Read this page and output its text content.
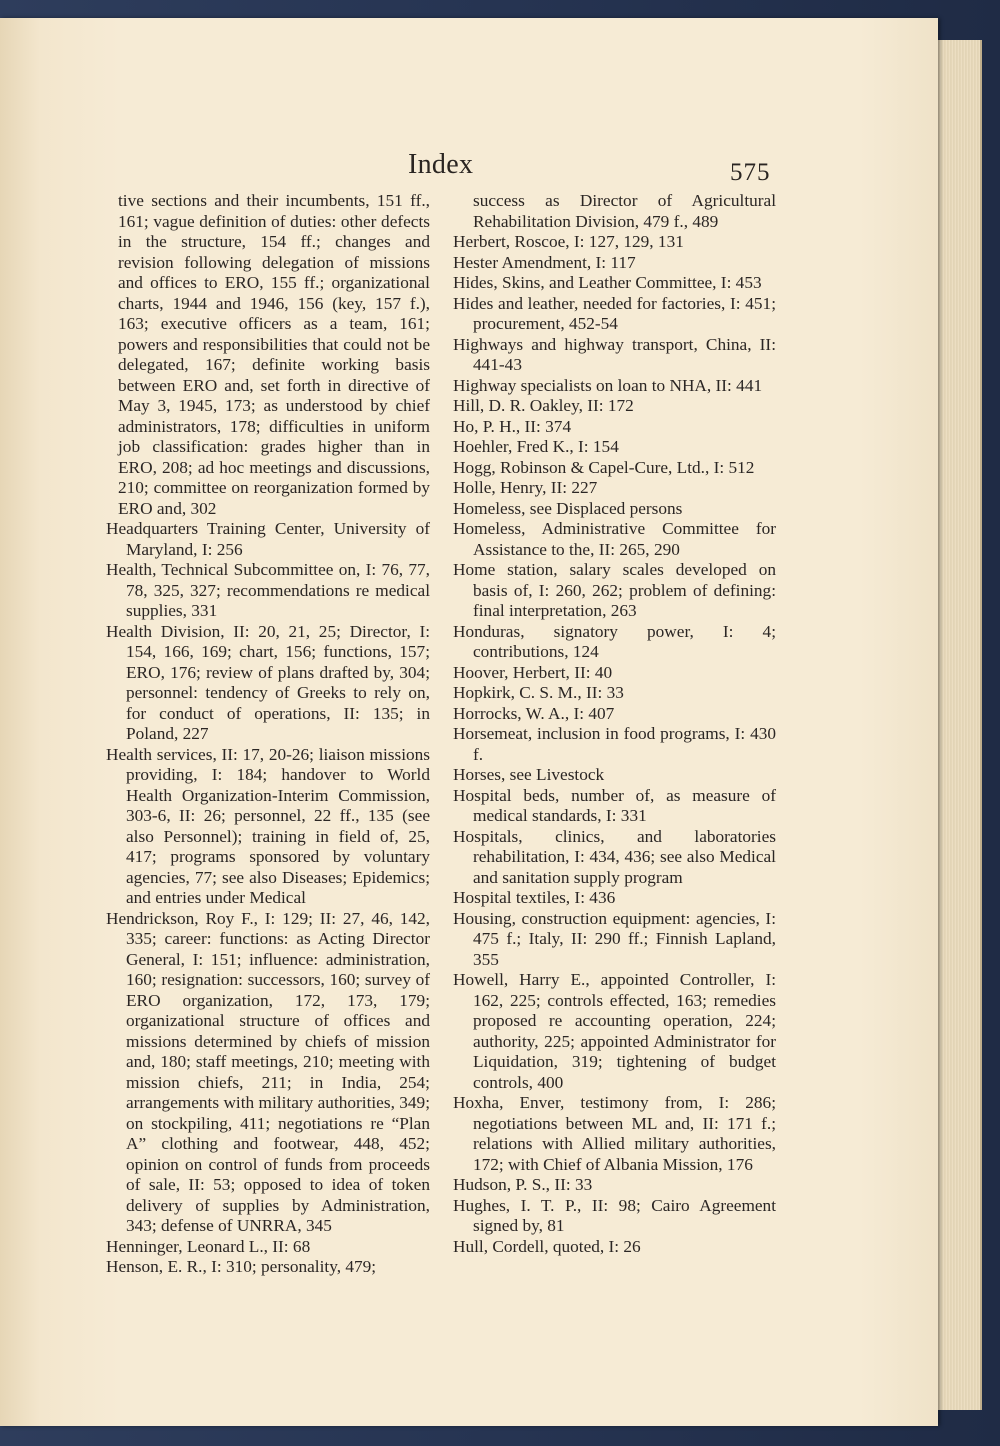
Index	575
tive sections and their incumbents, 151 ff., 161; vague definition of duties: other defects in the structure, 154 ff.; changes and revision following delegation of missions and offices to ERO, 155 ff.; organizational charts, 1944 and 1946, 156 (key, 157 f.), 163; executive officers as a team, 161; powers and responsibilities that could not be delegated, 167; definite working basis between ERO and, set forth in directive of May 3, 1945, 173; as understood by chief administrators, 178; difficulties in uniform job classification: grades higher than in ERO, 208; ad hoc meetings and discussions, 210; committee on reorganization formed by ERO and, 302
Headquarters Training Center, University of Maryland, I: 256
Health, Technical Subcommittee on, I: 76, 77, 78, 325, 327; recommendations re medical supplies, 331
Health Division, II: 20, 21, 25; Director, I: 154, 166, 169; chart, 156; functions, 157; ERO, 176; review of plans drafted by, 304; personnel: tendency of Greeks to rely on, for conduct of operations, II: 135; in Poland, 227
Health services, II: 17, 20-26; liaison missions providing, I: 184; handover to World Health Organization-Interim Commission, 303-6, II: 26; personnel, 22 ff., 135 (see also Personnel); training in field of, 25, 417; programs sponsored by voluntary agencies, 77; see also Diseases; Epidemics; and entries under Medical
Hendrickson, Roy F., I: 129; II: 27, 46, 142, 335; career: functions: as Acting Director General, I: 151; influence: administration, 160; resignation: successors, 160; survey of ERO organization, 172, 173, 179; organizational structure of offices and missions determined by chiefs of mission and, 180; staff meetings, 210; meeting with mission chiefs, 211; in India, 254; arrangements with military authorities, 349; on stockpiling, 411; negotiations re “Plan A” clothing and footwear, 448, 452; opinion on control of funds from proceeds of sale, II: 53; opposed to idea of token delivery of supplies by Administration, 343; defense of UNRRA, 345
Henninger, Leonard L., II: 68
Henson, E. R., I: 310; personality, 479;
success as Director of Agricultural Rehabilitation Division, 479 f., 489
Herbert, Roscoe, I: 127, 129, 131
Hester Amendment, I: 117
Hides, Skins, and Leather Committee, I: 453
Hides and leather, needed for factories, I: 451; procurement, 452-54
Highways and highway transport, China, II: 441-43
Highway specialists on loan to NHA, II: 441
Hill, D. R. Oakley, II: 172
Ho, P. H., II: 374
Hoehler, Fred K., I: 154
Hogg, Robinson & Capel-Cure, Ltd., I: 512
Holle, Henry, II: 227
Homeless, see Displaced persons
Homeless, Administrative Committee for Assistance to the, II: 265, 290
Home station, salary scales developed on basis of, I: 260, 262; problem of defining: final interpretation, 263
Honduras, signatory power, I: 4; contributions, 124
Hoover, Herbert, II: 40
Hopkirk, C. S. M., II: 33
Horrocks, W. A., I: 407
Horsemeat, inclusion in food programs, I: 430 f.
Horses, see Livestock
Hospital beds, number of, as measure of medical standards, I: 331
Hospitals, clinics, and laboratories rehabilitation, I: 434, 436; see also Medical and sanitation supply program
Hospital textiles, I: 436
Housing, construction equipment: agencies, I: 475 f.; Italy, II: 290 ff.; Finnish Lapland, 355
Howell, Harry E., appointed Controller, I: 162, 225; controls effected, 163; remedies proposed re accounting operation, 224; authority, 225; appointed Administrator for Liquidation, 319; tightening of budget controls, 400
Hoxha, Enver, testimony from, I: 286; negotiations between ML and, II: 171 f.; relations with Allied military authorities, 172; with Chief of Albania Mission, 176
Hudson, P. S., II: 33
Hughes, I. T. P., II: 98; Cairo Agreement signed by, 81
Hull, Cordell, quoted, I: 26
